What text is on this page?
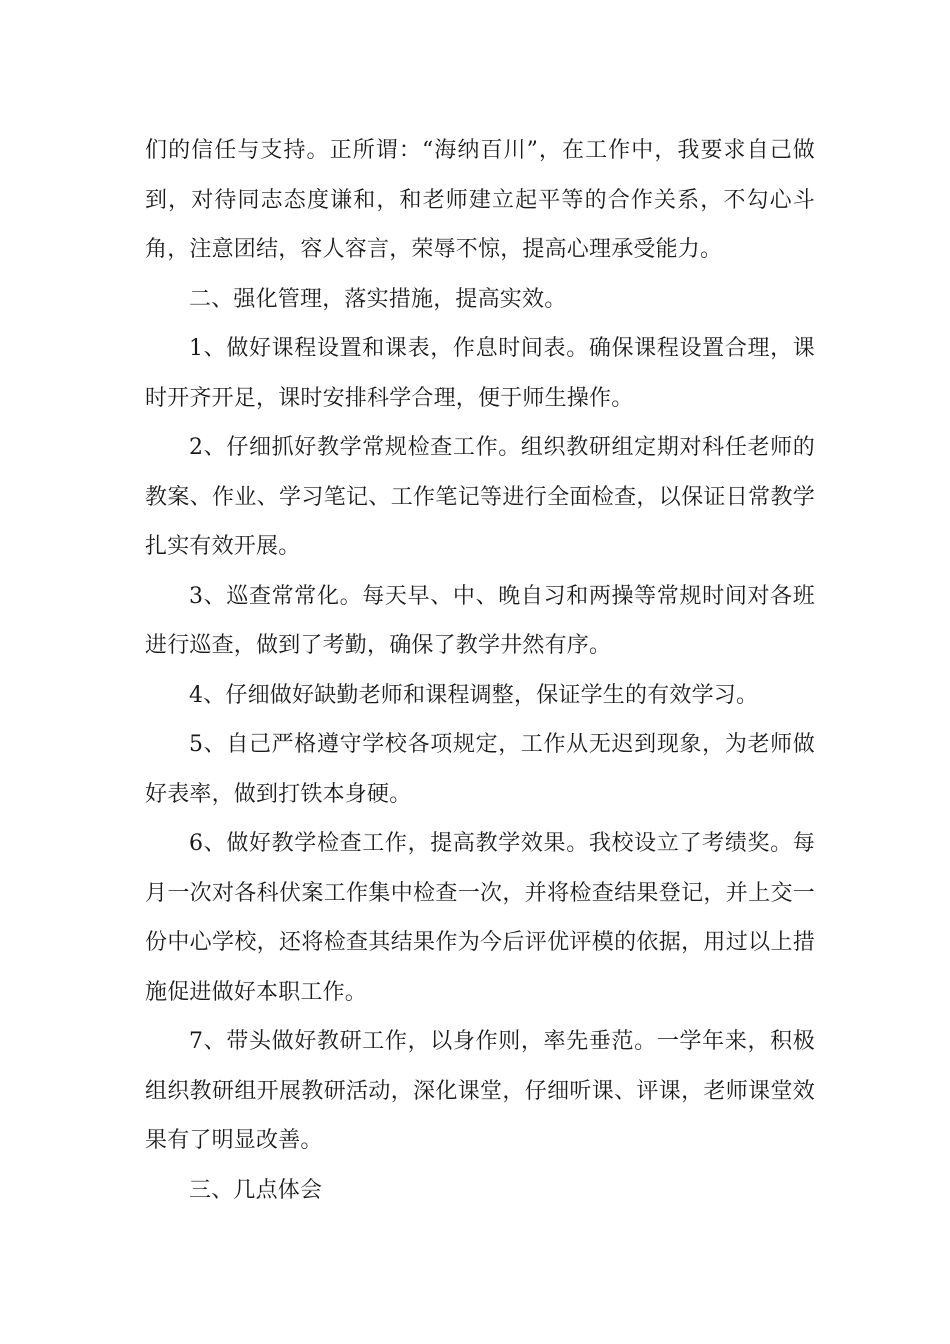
们的信任与支持。正所谓：“海纳百川”，在工作中，我要求自己做到，对待同志态度谦和，和老师建立起平等的合作关系，不勾心斗角，注意团结，容人容言，荣辱不惊，提高心理承受能力。

二、强化管理，落实措施，提高实效。

1、做好课程设置和课表，作息时间表。确保课程设置合理，课时开齐开足，课时安排科学合理，便于师生操作。

2、仔细抓好教学常规检查工作。组织教研组定期对科任老师的教案、作业、学习笔记、工作笔记等进行全面检查，以保证日常教学扎实有效开展。

3、巡查常常化。每天早、中、晚自习和两操等常规时间对各班进行巡查，做到了考勤，确保了教学井然有序。

4、仔细做好缺勤老师和课程调整，保证学生的有效学习。

5、自己严格遵守学校各项规定，工作从无迟到现象，为老师做好表率，做到打铁本身硬。

6、做好教学检查工作，提高教学效果。我校设立了考绩奖。每月一次对各科伏案工作集中检查一次，并将检查结果登记，并上交一份中心学校，还将检查其结果作为今后评优评模的依据，用过以上措施促进做好本职工作。

7、带头做好教研工作，以身作则，率先垂范。一学年来，积极组织教研组开展教研活动，深化课堂，仔细听课、评课，老师课堂效果有了明显改善。

三、几点体会
